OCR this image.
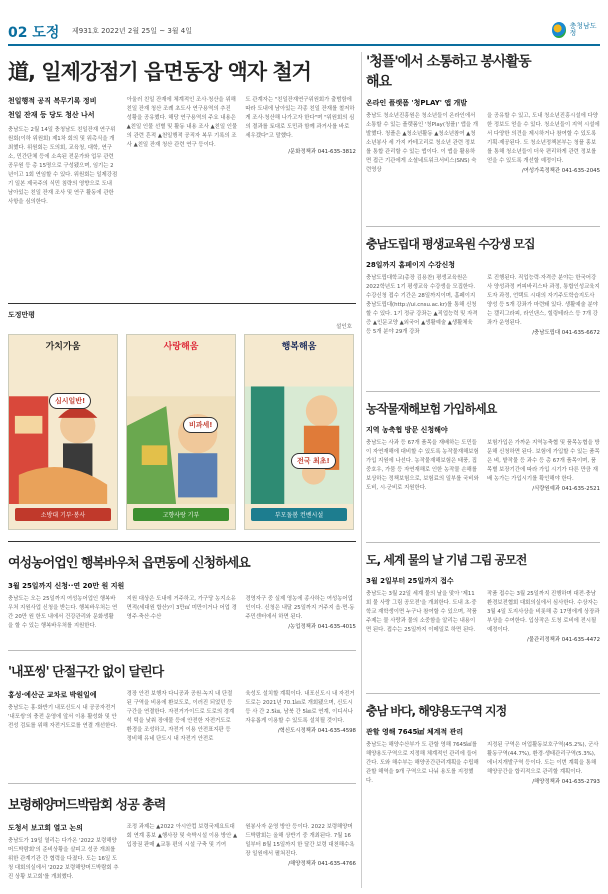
02 도정 제931호 2022년 2월 25일 ~ 3월 4일
충청남도정
道, 일제강점기 읍면동장 액자 철거
천일행적 공직 복무기록 정비
천일 잔재 등 당도 청산 나서
충남도는 2월 14일 충청남도 친일잔재 연구위원회(이하 위원회) 제1차 회의 및 위촉식을 개최했다. 위원회는 도의회, 교육청, 대학, 연구소, 민간단체 등에 소속된 전문가와 업무 관련 공무원 등 총 15명으로 구성됐으며, 임기는 2년이고 1회 연임할 수 있다. 위원회는 일제강점기 일본 제국주의 식민 침략의 영향으로 도내 남아있는 친일 잔재 조사 및 연구 활동에 관한 사항을 심의한다.
아울러 친일 잔재에 체계적인 조사·청산을 위해 친일 잔재 청산 조례 초도사 연구용역의 추진 성황을 공유했다. 해당 연구용역의 주요 내용은 ▲친일 인물 선별 및 활동 내용 조사 ▲친일 인물의 관련 흔적 ▲천일행적 공직자 복무 기록의 조사 ▲친일 잔재 청산 관련 연구 등이다.
도 관계자는 "친일잔재연구위원회가 출범함에 따라 도내에 남아있는 각종 친일 잔재를 철저하게 조사·청산해 나가고자 한다"며 "위원회의 심의 결과를 토대로 도민과 함께 과거사를 바로 세우겠다"고 말했다.
/문화정책과 041-635-3812
도정만평
설인호
가치가움
심시일반!
소방대 기부·봉사
사랑해움
비과세!
고향사랑 기부
행복해움
전국 최초!
부모돌봄 컨벤시설
여성농어업인 행복바우처 읍면동에 신청하세요
3월 25일까지 신청··연 20만 원 지원
충남도는 오는 25일까지 여성농어업인 행복바우처 지원사업 신청을 받는다. 행복바우처는 연간 20만 원 한도 내에서 건강관리와 문화생활을 할 수 있는 행복바우처를 지원한다.
지원 대상은 도내에 거주하고, 가구당 농지소유 면적(세대원 합산)이 3만㎡ 미만이거나 어업 경영주·축산·수산
경영자구 중 실제 영농에 종사하는 여성농어업인이다. 신청은 내달 25일까지 거주지 읍·면·동 주민센터에서 하면 된다.
/농업정책과 041-635-4015
'내포씽' 단절구간 없이 달린다
홍성·예산군 교차로 박원일에
충남도는 홍·화반기 내포신도시 내 공공자전거 '내포씽'의 충전 운영에 앞서 이용 활성화 및 안전성 검토를 위해 자전거도로를 연결 개선한다.
경장 안전 보행자 다니공과 공원·녹지 내 단절된 구역을 비용에 환보도로, 이러진 되었던 등 구간을 연결한다. 자전거가이드로 도로의 경계석 턱을 낮춰 장애물 등에 안전한 자전거도로 환경을 조성하고, 자전거 이용 안전표지판 등 정비해 유네 단도시 내 자전거 안전로
육성도 설치할 계획이다. 내포신도시 내 자전거도로는 2021년 70.1㎞로 개회됐으며, 신도시 등 사 간 2.5㎞, 남북 간 5㎞로 연계, 이디서나 자유롭게 이용할 수 있도록 설치될 것이다.
/혁신도시정책과 041-635-4598
보령해양머드박람회 성공 총력
도청서 보고회 열고 논의
충남도가 19일 열리는 다가온 '2022 보령해양머드박람회'의 준비상황을 살피고 성공 개최를 위한 관계기관 간 협력을 다졌다. 도는 16일 도청 대회의실에서 '2022 보령해양머드박람회 추진 상황 보고회'를 개최했다.
조정 과제는 ▲2022 아시안컵 보령국제요트대회 연계 홍보 ▲행사장 및 숙박시설 이용 방안 ▲입장권 판매 ▲교통 편의 시설 구축 및 기여
원봉사자 운영 방안 등이다. 2022 보령해양머드박람회는 올해 상반기 중 개최된다. 7월 16일부터 8월 15일까지 한 달간 보령 대천해수욕장 일원에서 펼쳐진다.
/해양정책과 041-635-4766
'청플'에서 소통하고 봉사활동 해요
온라인 플랫폼 '청PLAY' 앱 개발
충남도 청소년진흥원은 청소년들이 온라인에서 소통할 수 있는 플랫폼인 '청Play(청플)' 앱을 개발했다. 청플은 ▲청소년활동 ▲청소년참여 ▲청소년봉사 세 가지 카테고리로 청소년 관련 정보를 통합 관리할 수 있는 앱이다. 이 앱을 활용하면 접근 기관에게 소셜네트워크서비스(SNS) 숙련영상
을 공유할 수 있고, 도내 청소년진흥시설에 다양한 정보도 얻을 수 있다. 청소년들이 지역 시설에서 다양한 의견을 제시하거나 참여할 수 있도록 기획·제공된다. 도 청소년정책본부는 청플 홍보를 통해 청소년들이 더욱 편리하게 관련 정보를 얻을 수 있도록 개선할 예정이다.
/여성가족정책관 041-635-2045
충남도립대 평생교육원 수강생 모집
28일까지 홈페이지 수강신청
충남도립대학교(총장 김용찬) 평생교육원은 2022학년도 1기 평생교육 수강생을 모집한다. 수강신청 접수 기간은 28일까지이며, 홈페이지 충남도립대(http://ui.cnsu.ac.kr)를 통해 신청할 수 있다. 1기 정규 강좌는 ▲직업능력 및 자격증 ▲인문교양 ▲외국어 ▲생활예술 ▲생활체육 등 5개 분야 29개 강좌
로 진행된다. 직업능력·자격증 분야는 한국어강사 양성과정 커피바리스타 과정, 통합인성교육지도자 과정, 언택트 시대의 자기주도학습지도사 양성 등 5개 강좌가 마련돼 있다. 생활예술 분야는 캘리그라피, 라인댄스, 힐링테라스 등 7개 강좌가 운영된다.
/충남도립대 041-635-6672
농작물재해보험 가입하세요
지역 농축협 방문 신청해야
충남도는 사과 등 67개 품목을 재배하는 도민들이 자연재해에 대비할 수 있도록 농작물재해보험 가입 지원에 나선다. 농작물재해보험은 태풍, 집중호우, 가뭄 등 자연재해로 인한 농작물 손해를 보상하는 정책보험으로, 보험료의 일부를 국비와 도비, 시·군비로 지원한다.
보험가입은 가까운 지역농축협 및 품목농협을 방문해 신청하면 된다. 보험에 가입할 수 있는 품목은 벼, 밭작물 등 과수 등 총 67개 품목이며, 품목별 보장기간에 따라 가입 시기가 다른 만큼 재배 농가는 가입시기를 확인해야 한다.
/식량원예과 041-635-2521
도, 세계 물의 날 기념 그림 공모전
3월 2일부터 25일까지 접수
충남도는 3월 22일 세계 물의 날을 맞아 '제11회 물 사랑 그림 공모전'을 개최한다. 도내 초·중학교 재학생이면 누구나 참여할 수 있으며, 작품 주제는 물 사랑과 물의 소중함을 알리는 내용이면 된다. 접수는 25일까지 이메일로 하면 된다.
작품 접수는 3월 25일까지 진행하며 대전·충남환경보전협회 대회의실에서 심사한다. 수상자는 3월 4일 도지사상을 비롯해 총 17명에게 상장과 부상을 수여한다. 입상작은 도청 로비에 전시될 예정이다.
/물관리정책과 041-635-4472
충남 바다, 해양용도구역 지정
관할 영해 7645㎢ 체계적 관리
충남도는 해양수산부가 도 관할 영해 7645㎢를 해양용도구역으로 지정해 체계적인 관리에 들어간다. 도와 해수부는 해양공간관리계획을 수립해 관할 해역을 9개 구역으로 나눠 용도를 지정했다.
지정된 구역은 어업활동보호구역(45.2%), 군사활동구역(44.7%), 환경·생태관리구역(5.3%), 에너지개발구역 등이다. 도는 이번 계획을 통해 해양공간을 합리적으로 관리할 계획이다.
/해양정책과 041-635-2793
